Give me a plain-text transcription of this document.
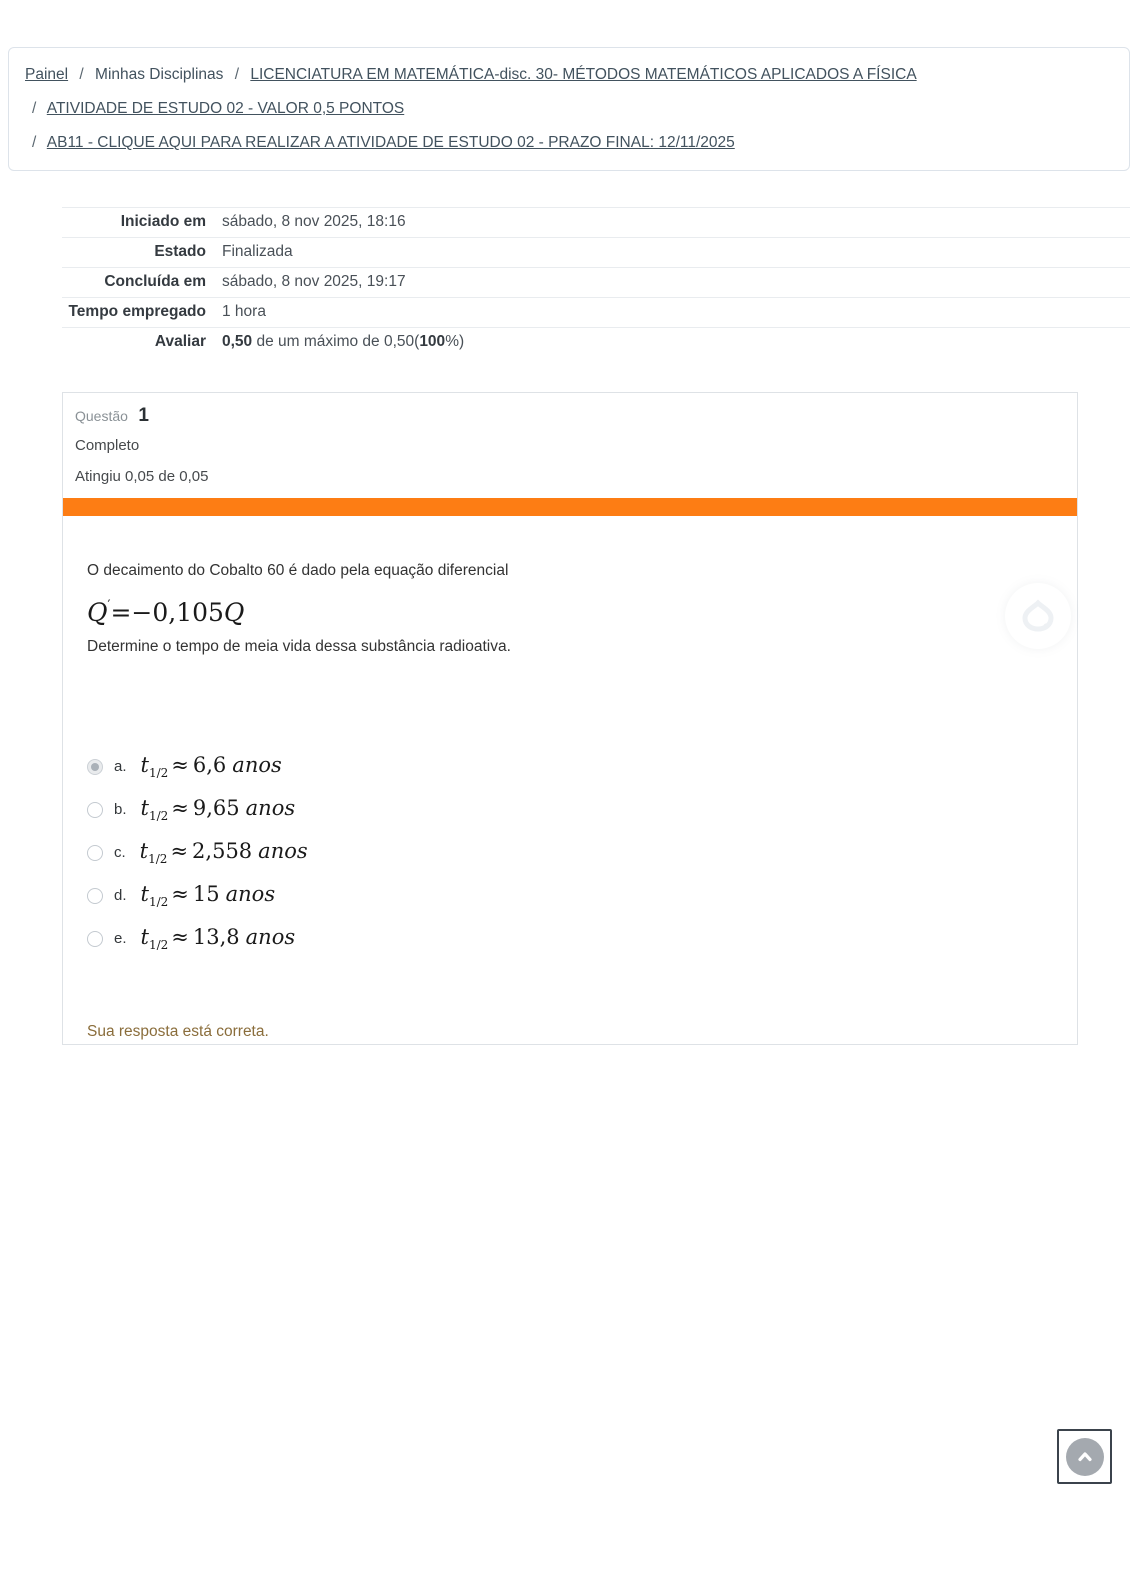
Painel / Minhas Disciplinas / LICENCIATURA EM MATEMÁTICA-disc. 30- MÉTODOS MATEMÁTICOS APLICADOS A FÍSICA
/ ATIVIDADE DE ESTUDO 02 - VALOR 0,5 PONTOS
/ AB11 - CLIQUE AQUI PARA REALIZAR A ATIVIDADE DE ESTUDO 02 - PRAZO FINAL: 12/11/2025
Iniciado em	sábado, 8 nov 2025, 18:16
Estado	Finalizada
Concluída em	sábado, 8 nov 2025, 19:17
Tempo empregado	1 hora
Avaliar	0,50 de um máximo de 0,50(100%)
Questão 1
Completo
Atingiu 0,05 de 0,05

O decaimento do Cobalto 60 é dado pela equação diferencial

Q′=−0,105Q

Determine o tempo de meia vida dessa substância radioativa.

a. $t_{1/2} \approx 6,6$ anos
b. $t_{1/2} \approx 9,65$ anos
c. $t_{1/2} \approx 2,558$ anos
d. $t_{1/2} \approx 15$ anos
e. $t_{1/2} \approx 13,8$ anos
Sua resposta está correta.
